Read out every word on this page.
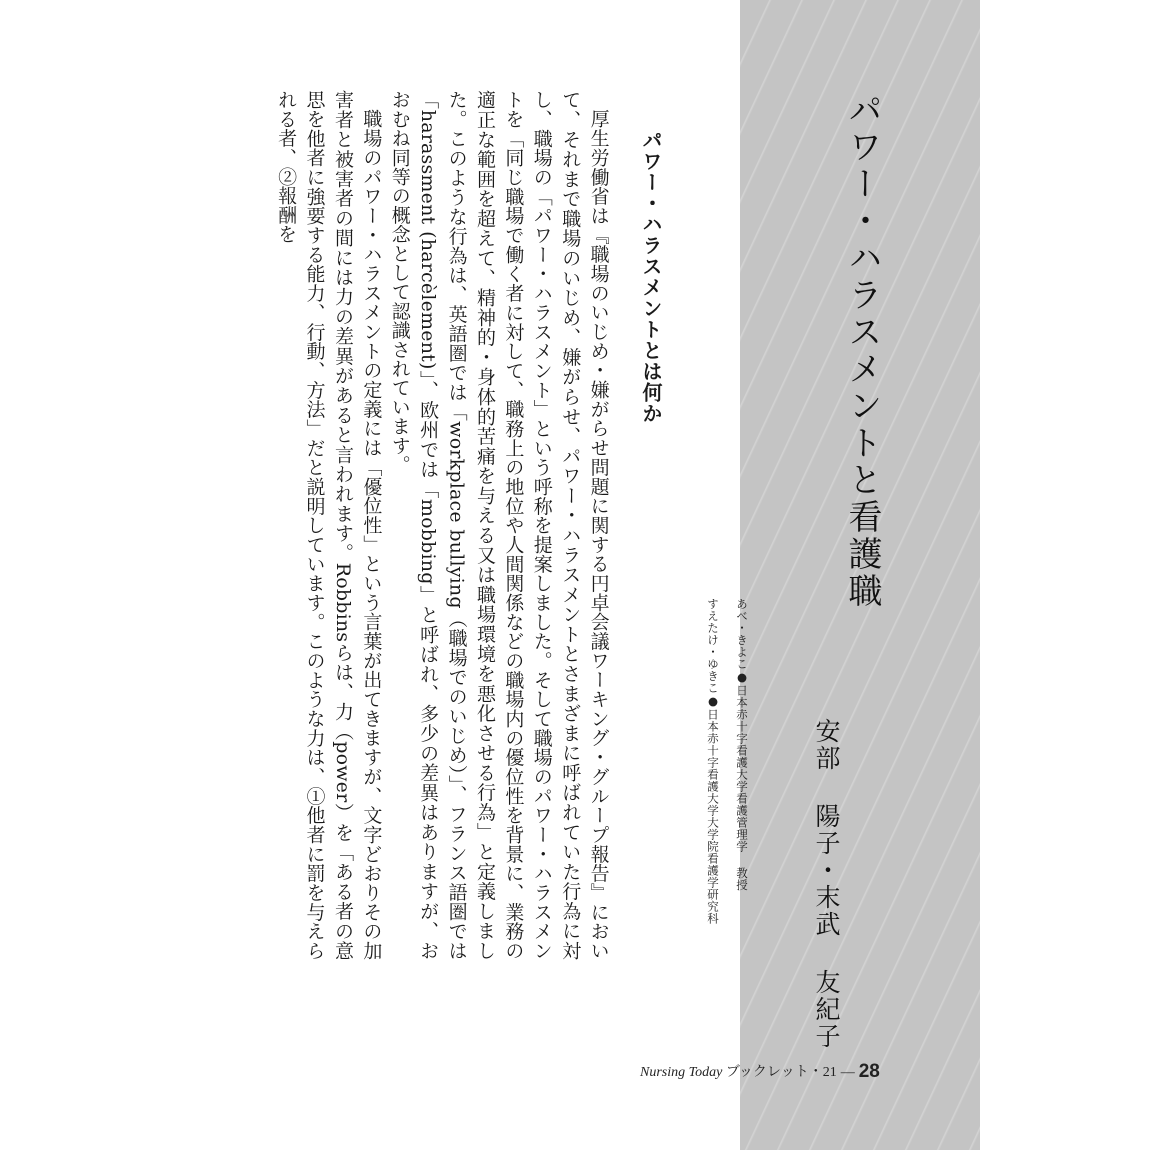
パワー・ハラスメントと看護職
安部 陽子・末武 友紀子
あべ・きよこ●日本赤十字看護大学看護管理学 教授
すえたけ・ゆきこ●日本赤十字看護大学大学院看護学研究科
パワー・ハラスメントとは何か
厚生労働省は『職場のいじめ・嫌がらせ問題に関する円卓会議ワーキング・グループ報告』において、それまで職場のいじめ、嫌がらせ、パワー・ハラスメントとさまざまに呼ばれていた行為に対し、職場の「パワー・ハラスメント」という呼称を提案しました。そして職場のパワー・ハラスメントを「同じ職場で働く者に対して、職務上の地位や人間関係などの職場内の優位性を背景に、業務の適正な範囲を超えて、精神的・身体的苦痛を与える又は職場環境を悪化させる行為」と定義しました。このような行為は、英語圏では「workplace bullying（職場でのいじめ）」、フランス語圏では「harassment (harcèlement)」、欧州では「mobbing」と呼ばれ、多少の差異はありますが、おおむね同等の概念として認識されています。
職場のパワー・ハラスメントの定義には「優位性」という言葉が出てきますが、文字どおりその加害者と被害者の間には力の差異があると言われます。Robbinsらは、力（power）を「ある者の意思を他者に強要する能力、行動、方法」だと説明しています。このような力は、①他者に罰を与えられる者、②報酬を
Nursing Today ブックレット・21 — 28
